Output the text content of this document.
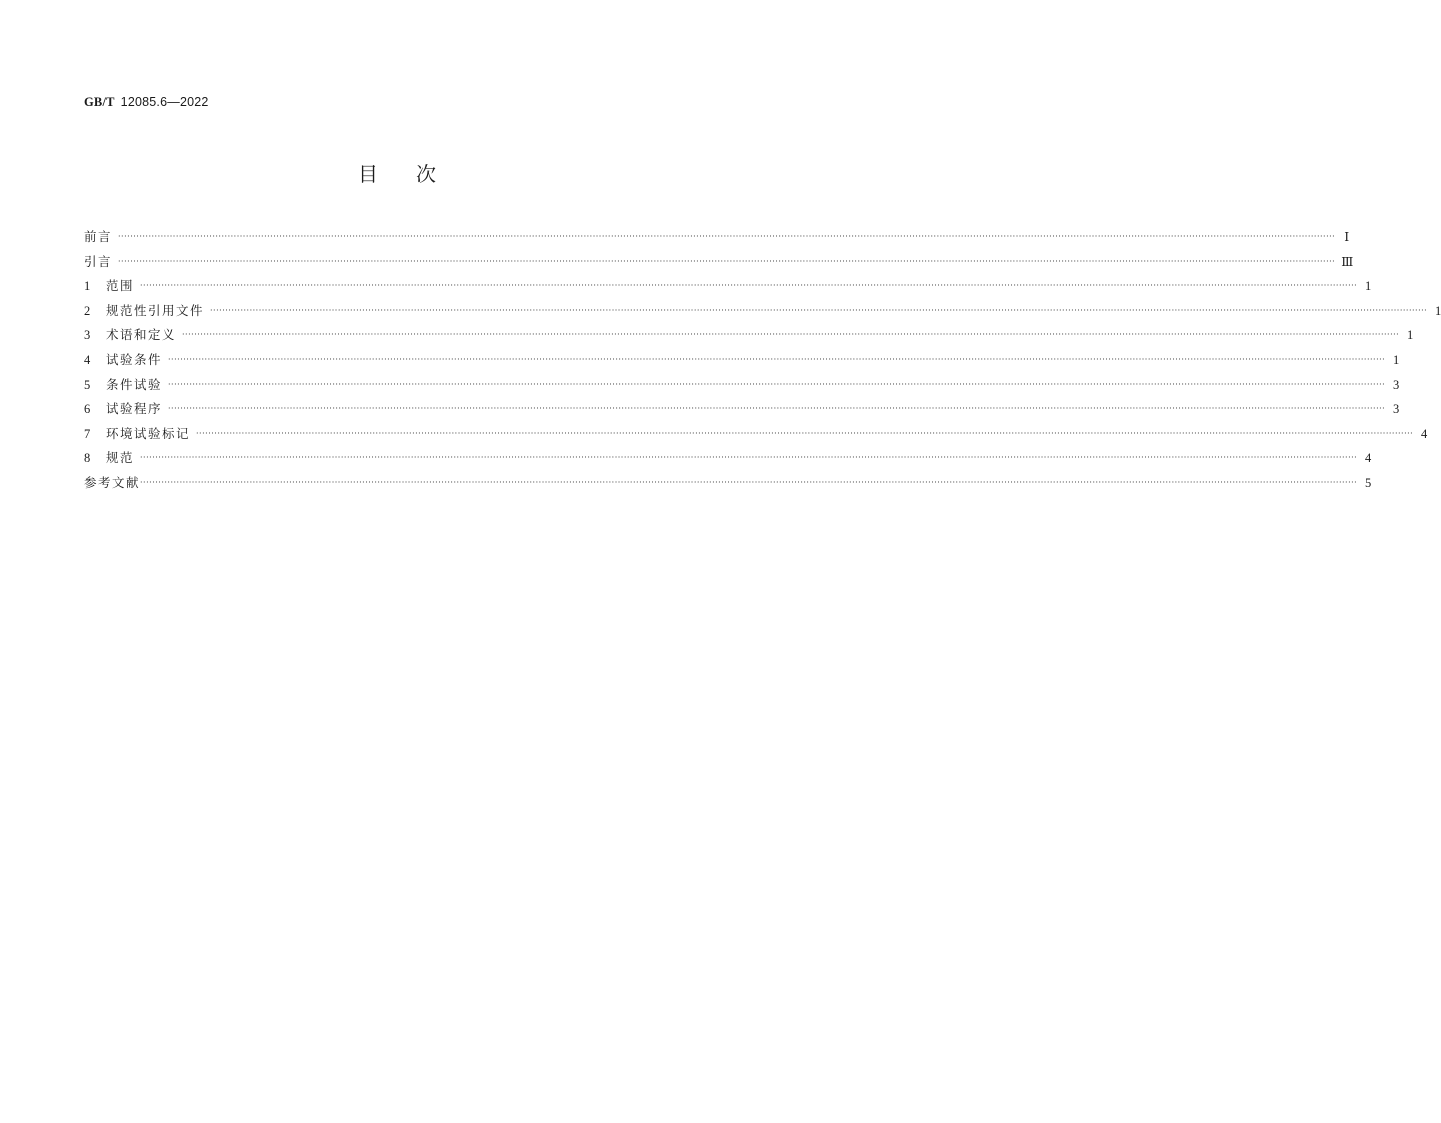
GB/T 12085.6—2022
目次
前言 ················································································································································································································································································································································································································ Ⅰ
引言 ················································································································································································································································································································································································································ Ⅲ
1	范围 ················································································································································································································································································································································································································ 1
2	规范性引用文件 ················································································································································································································································································································································································································ 1
3	术语和定义 ················································································································································································································································································································································································································ 1
4	试验条件 ················································································································································································································································································································································································································ 1
5	条件试验 ················································································································································································································································································································································································································ 3
6	试验程序 ················································································································································································································································································································································································································ 3
7	环境试验标记 ················································································································································································································································································································································································································ 4
8	规范 ················································································································································································································································································································································································································ 4
参考文献 ················································································································································································································································································································································································································ 5
